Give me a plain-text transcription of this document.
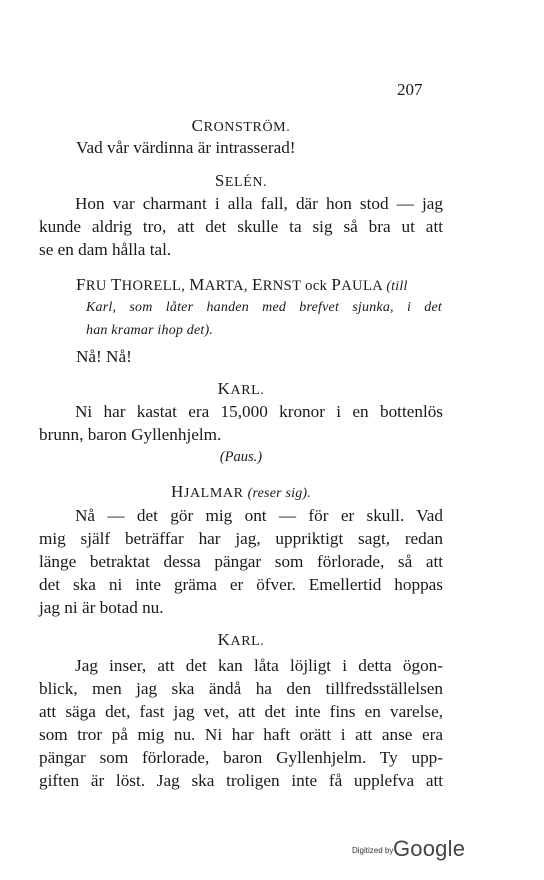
207
CRONSTRÖM.
Vad vår värdinna är intrasserad!
SELÉN.
Hon var charmant i alla fall, där hon stod — jag
kunde aldrig tro, att det skulle ta sig så bra ut att
se en dam hålla tal.
FRU THORELL, MARTA, ERNST ock PAULA (till
Karl, som låter handen med brefvet sjunka, i det
han kramar ihop det).
Nå! Nå!
KARL.
Ni har kastat era 15,000 kronor i en bottenlös
brunn, baron Gyllenhjelm.
(Paus.)
HJALMAR (reser sig).
Nå — det gör mig ont — för er skull. Vad
mig själf beträffar har jag, uppriktigt sagt, redan
länge betraktat dessa pängar som förlorade, så att
det ska ni inte gräma er öfver. Emellertid hoppas
jag ni är botad nu.
KARL.
Jag inser, att det kan låta löjligt i detta ögon-
blick, men jag ska ändå ha den tillfredsställelsen
att säga det, fast jag vet, att det inte fins en varelse,
som tror på mig nu. Ni har haft orätt i att anse era
pängar som förlorade, baron Gyllenhjelm. Ty upp-
giften är löst. Jag ska troligen inte få upplefva att
Digitized by Google
